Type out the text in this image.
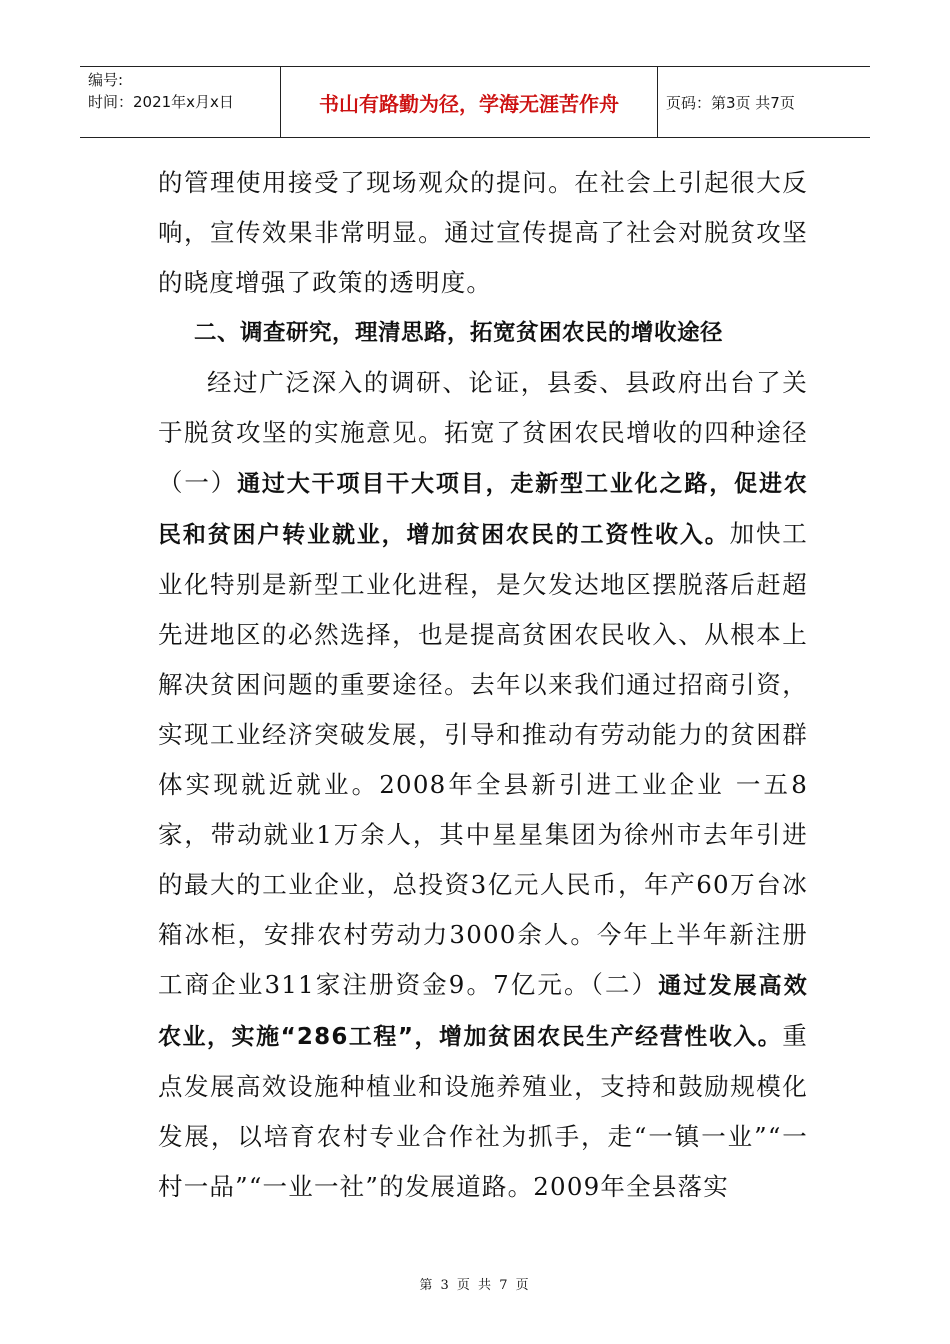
编号:
时间：2021年x月x日	书山有路勤为径，学海无涯苦作舟	页码：第3页 共7页

的管理使用接受了现场观众的提问。在社会上引起很大反响，宣传效果非常明显。通过宣传提高了社会对脱贫攻坚的晓度增强了政策的透明度。

二、调查研究，理清思路，拓宽贫困农民的增收途径

经过广泛深入的调研、论证，县委、县政府出台了关于脱贫攻坚的实施意见。拓宽了贫困农民增收的四种途径（一）通过大干项目干大项目，走新型工业化之路，促进农民和贫困户转业就业，增加贫困农民的工资性收入。加快工业化特别是新型工业化进程，是欠发达地区摆脱落后赶超先进地区的必然选择，也是提高贫困农民收入、从根本上解决贫困问题的重要途径。去年以来我们通过招商引资，实现工业经济突破发展，引导和推动有劳动能力的贫困群体实现就近就业。2008年全县新引进工业企业 一五8家，带动就业1万余人，其中星星集团为徐州市去年引进的最大的工业企业，总投资3亿元人民币，年产60万台冰箱冰柜，安排农村劳动力3000余人。今年上半年新注册工商企业311家注册资金9。7亿元。（二）通过发展高效农业，实施“286工程”，增加贫困农民生产经营性收入。重点发展高效设施种植业和设施养殖业，支持和鼓励规模化发展，以培育农村专业合作社为抓手，走“一镇一业”“一村一品”“一业一社”的发展道路。2009年全县落实

第 3 页 共 7 页
